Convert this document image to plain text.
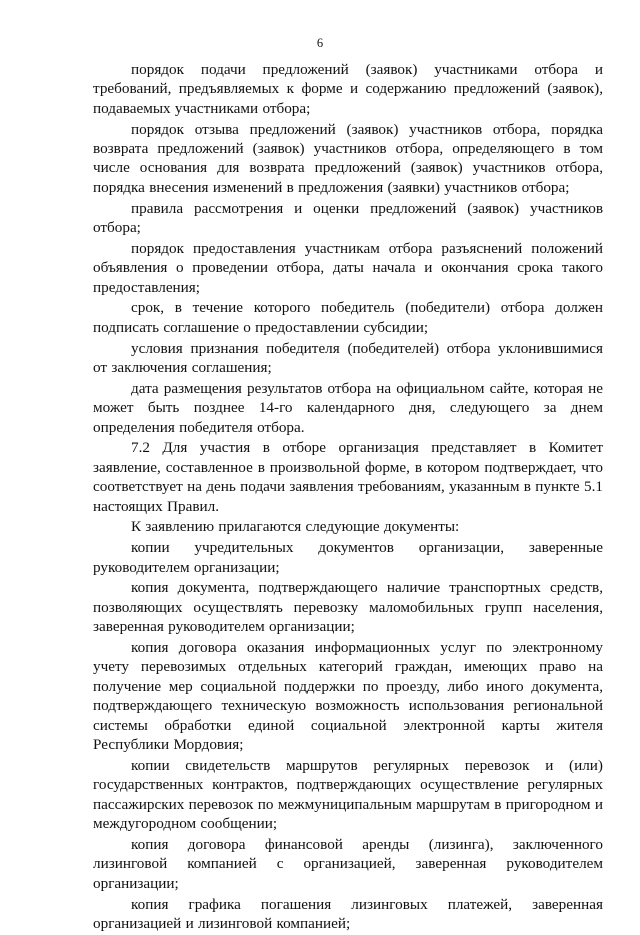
6

порядок подачи предложений (заявок) участниками отбора и требований, предъявляемых к форме и содержанию предложений (заявок), подаваемых участниками отбора;

порядок отзыва предложений (заявок) участников отбора, порядка возврата предложений (заявок) участников отбора, определяющего в том числе основания для возврата предложений (заявок) участников отбора, порядка внесения изменений в предложения (заявки) участников отбора;

правила рассмотрения и оценки предложений (заявок) участников отбора;

порядок предоставления участникам отбора разъяснений положений объявления о проведении отбора, даты начала и окончания срока такого предоставления;

срок, в течение которого победитель (победители) отбора должен подписать соглашение о предоставлении субсидии;

условия признания победителя (победителей) отбора уклонившимися от заключения соглашения;

дата размещения результатов отбора на официальном сайте, которая не может быть позднее 14-го календарного дня, следующего за днем определения победителя отбора.

7.2 Для участия в отборе организация представляет в Комитет заявление, составленное в произвольной форме, в котором подтверждает, что соответствует на день подачи заявления требованиям, указанным в пункте 5.1 настоящих Правил.

К заявлению прилагаются следующие документы:

копии учредительных документов организации, заверенные руководителем организации;

копия документа, подтверждающего наличие транспортных средств, позволяющих осуществлять перевозку маломобильных групп населения, заверенная руководителем организации;

копия договора оказания информационных услуг по электронному учету перевозимых отдельных категорий граждан, имеющих право на получение мер социальной поддержки по проезду, либо иного документа, подтверждающего техническую возможность использования региональной системы обработки единой социальной электронной карты жителя Республики Мордовия;

копии свидетельств маршрутов регулярных перевозок и (или) государственных контрактов, подтверждающих осуществление регулярных пассажирских перевозок по межмуниципальным маршрутам в пригородном и междугородном сообщении;

копия договора финансовой аренды (лизинга), заключенного лизинговой компанией с организацией, заверенная руководителем организации;

копия графика погашения лизинговых платежей, заверенная организацией и лизинговой компанией;
